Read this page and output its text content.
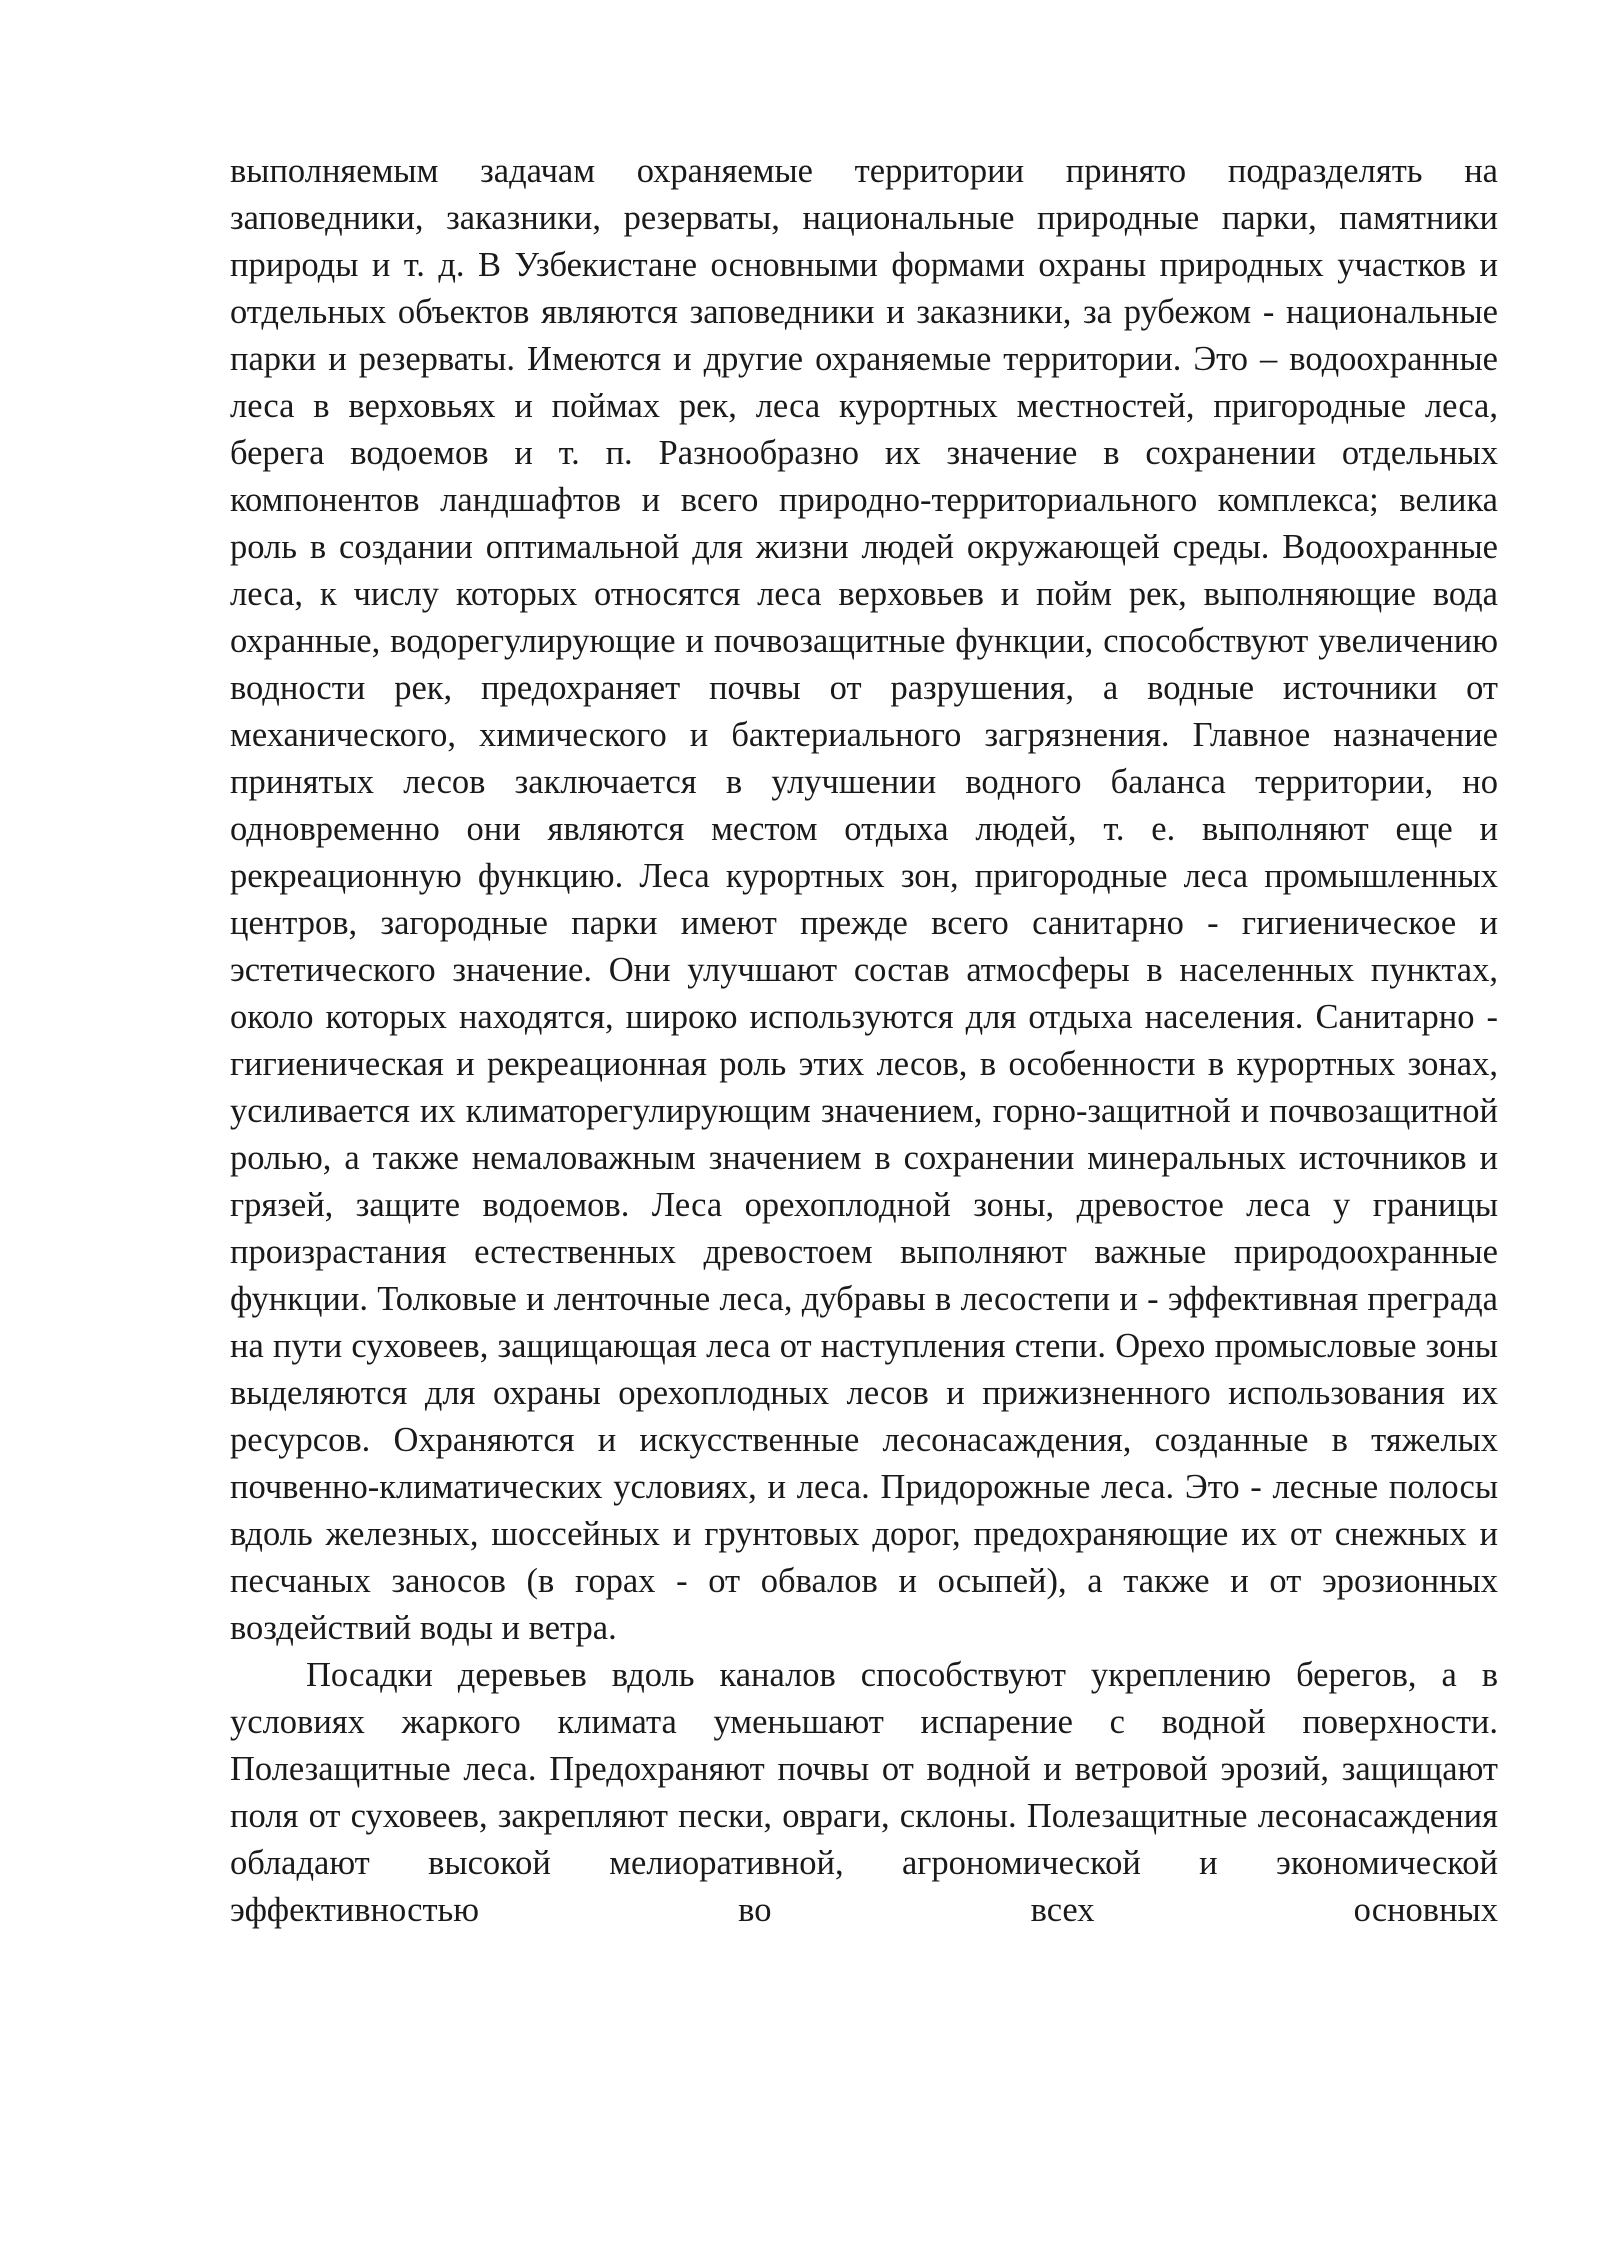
выполняемым задачам охраняемые территории принято подразделять на заповедники, заказники, резерваты, национальные природные парки, памятники природы и т. д. В Узбекистане основными формами охраны природных участков и отдельных объектов являются заповедники и заказники, за рубежом - национальные парки и резерваты. Имеются и другие охраняемые территории. Это – водоохранные леса в верховьях и поймах рек, леса курортных местностей, пригородные леса, берега водоемов и т. п. Разнообразно их значение в сохранении отдельных компонентов ландшафтов и всего природно-территориального комплекса; велика роль в создании оптимальной для жизни людей окружающей среды. Водоохранные леса, к числу которых относятся леса верховьев и пойм рек, выполняющие вода охранные, водорегулирующие и почвозащитные функции, способствуют увеличению водности рек, предохраняет почвы от разрушения, а водные источники от механического, химического и бактериального загрязнения. Главное назначение принятых лесов заключается в улучшении водного баланса территории, но одновременно они являются местом отдыха людей, т. е. выполняют еще и рекреационную функцию. Леса курортных зон, пригородные леса промышленных центров, загородные парки имеют прежде всего санитарно - гигиеническое и эстетического значение. Они улучшают состав атмосферы в населенных пунктах, около которых находятся, широко используются для отдыха населения. Санитарно - гигиеническая и рекреационная роль этих лесов, в особенности в курортных зонах, усиливается их климаторегулирующим значением, горно-защитной и почвозащитной ролью, а также немаловажным значением в сохранении минеральных источников и грязей, защите водоемов. Леса орехоплодной зоны, древостое леса у границы произрастания естественных древостоем выполняют важные природоохранные функции. Толковые и ленточные леса, дубравы в лесостепи и - эффективная преграда на пути суховеев, защищающая леса от наступления степи. Орехо промысловые зоны выделяются для охраны орехоплодных лесов и прижизненного использования их ресурсов. Охраняются и искусственные лесонасаждения, созданные в тяжелых почвенно-климатических условиях, и леса. Придорожные леса. Это - лесные полосы вдоль железных, шоссейных и грунтовых дорог, предохраняющие их от снежных и песчаных заносов (в горах - от обвалов и осыпей), а также и от эрозионных воздействий воды и ветра.

Посадки деревьев вдоль каналов способствуют укреплению берегов, а в условиях жаркого климата уменьшают испарение с водной поверхности. Полезащитные леса. Предохраняют почвы от водной и ветровой эрозий, защищают поля от суховеев, закрепляют пески, овраги, склоны. Полезащитные лесонасаждения обладают высокой мелиоративной, агрономической и экономической эффективностью во всех основных
